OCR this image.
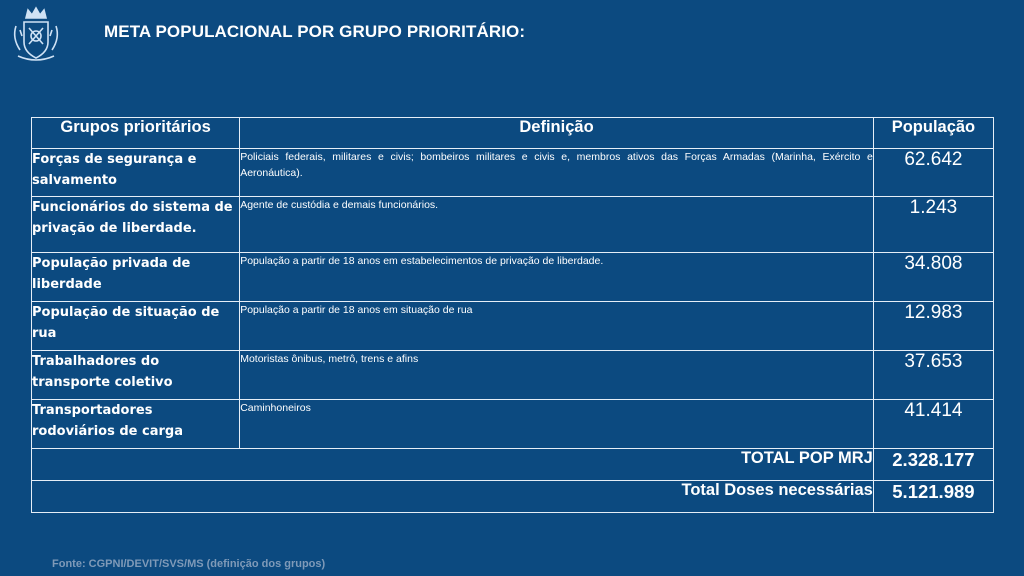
META POPULACIONAL POR GRUPO PRIORITÁRIO:
Grupos prioritários	Definição	População
Forças de segurança e salvamento	Policiais federais, militares e civis; bombeiros militares e civis e, membros ativos das Forças Armadas (Marinha, Exército e Aeronáutica).	62.642
Funcionários do sistema de privação de liberdade.	Agente de custódia e demais funcionários.	1.243
População privada de liberdade	População a partir de 18 anos em estabelecimentos de privação de liberdade.	34.808
População de situação de rua	População a partir de 18 anos em situação de rua	12.983
Trabalhadores do transporte coletivo	Motoristas ônibus, metrô, trens e afins	37.653
Transportadores rodoviários de carga	Caminhoneiros	41.414
TOTAL POP MRJ		2.328.177
Total Doses necessárias		5.121.989
Fonte: CGPNI/DEVIT/SVS/MS (definição dos grupos)
